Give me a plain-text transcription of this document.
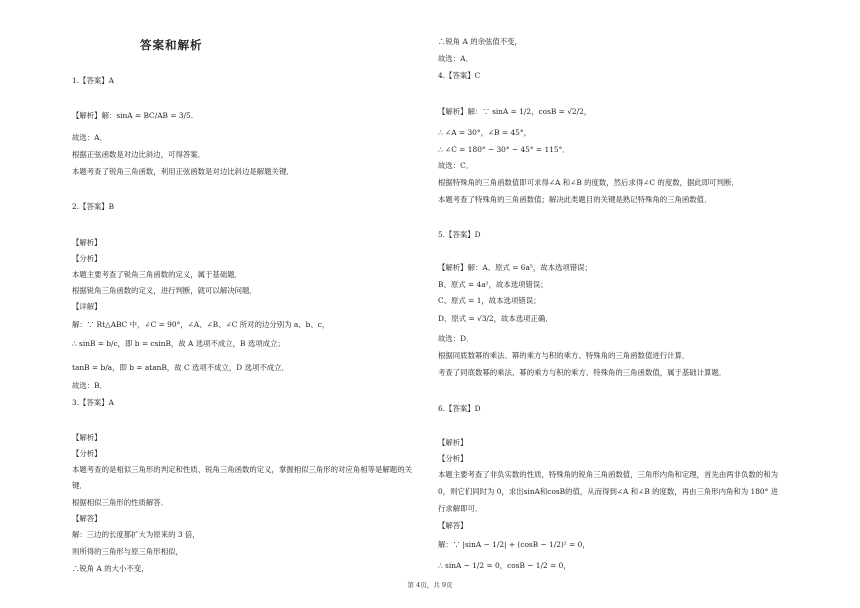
答案和解析
1.【答案】A
【解析】解：sinA = BC/AB = 3/5.
故选：A．
根据正弦函数是对边比斜边，可得答案．
本题考查了锐角三角函数，利用正弦函数是对边比斜边是解题关键．
2.【答案】B
【解析】
【分析】
本题主要考查了锐角三角函数的定义，属于基础题．
根据锐角三角函数的定义，进行判断，就可以解决问题．
【详解】
解：∵ Rt△ABC 中，∠C = 90°，∠A、∠B、∠C 所对的边分别为 a、b、c，
∴ sinB = b/c，即 b = csinB，故 A 选项不成立，B 选项成立；
tanB = b/a，即 b = atanB，故 C 选项不成立，D 选项不成立．
故选：B．
3.【答案】A
【解析】
【分析】
本题考查的是相似三角形的判定和性质、锐角三角函数的定义，掌握相似三角形的对应角相等是解题的关
键．
根据相似三角形的性质解答．
【解答】
解：三边的长度都扩大为原来的 3 倍，
则所得的三角形与原三角形相似，
∴锐角 A 的大小不变，
∴锐角 A 的余弦值不变，
故选：A．
4.【答案】C
【解析】解：∵ sinA = 1/2，cosB = √2/2，
∴ ∠A = 30°，∠B = 45°，
∴ ∠C = 180° − 30° − 45° = 115°．
故选：C．
根据特殊角的三角函数值即可求得∠A 和∠B 的度数，然后求得∠C 的度数，据此即可判断．
本题考查了特殊角的三角函数值；解决此类题目的关键是熟记特殊角的三角函数值．
5.【答案】D
【解析】解：A、原式 = 6a⁵，故本选项错误；
B、原式 = 4a²，故本选项错误；
C、原式 = 1，故本选项错误；
D、原式 = √3/2，故本选项正确．
故选：D．
根据同底数幂的乘法、幂的乘方与积的乘方、特殊角的三角函数值进行计算．
考查了同底数幂的乘法、幂的乘方与积的乘方、特殊角的三角函数值，属于基础计算题．
6.【答案】D
【解析】
【分析】
本题主要考查了非负实数的性质，特殊角的锐角三角函数值，三角形内角和定理，首先由两非负数的和为
0，则它们同时为 0，求出sinA和cosB的值，从而得到∠A 和∠B 的度数，再由三角形内角和为 180° 进
行求解即可．
【解答】
解：∵ |sinA − 1/2| + (cosB − 1/2)² = 0，
∴ sinA − 1/2 = 0，cosB − 1/2 = 0，
第 4页，共 9页
